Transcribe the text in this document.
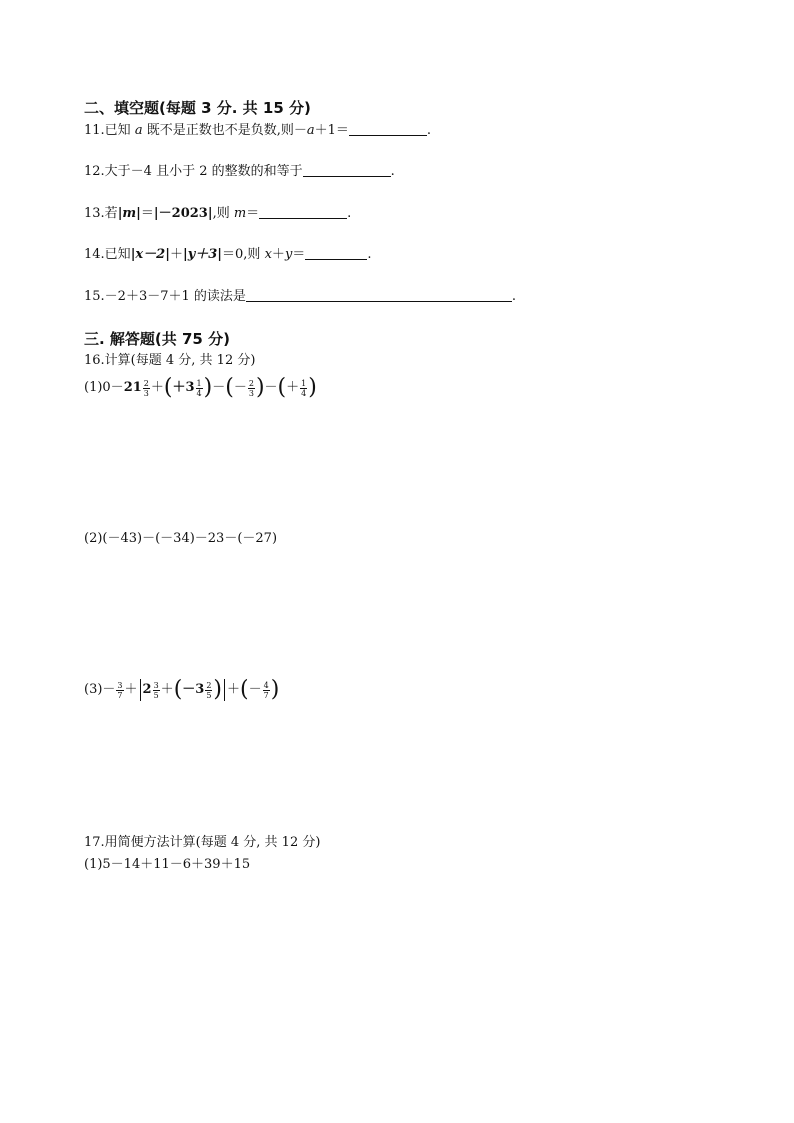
二、填空题(每题 3 分. 共 15 分)
11.已知 a 既不是正数也不是负数,则－a＋1＝	.
12.大于－4 且小于 2 的整数的和等于	.
13.若|m|＝|－2023|,则 m＝	.
14.已知|x－2|＋|y＋3|＝0,则 x＋y＝	.
15.－2＋3－7＋1 的读法是	.
三. 解答题(共 75 分)
16.计算(每题 4 分, 共 12 分)
$(1)0- 21 \frac{2}{3}$ ＋ ( $+3 \frac{1}{4}$ ) － ( － $\frac{2}{3}$ ) － ( ＋ $\frac{1}{4}$ )
(2)(－43)－(－34)－23－(－27)
$(3)- \frac{3}{7} + 2 \frac{3}{5}$ ＋ ( $-3 \frac{2}{5}$ ) ＋ ( － $\frac{4}{7}$ )
17.用简便方法计算(每题 4 分, 共 12 分)
(1)5－14＋11－6＋39＋15
